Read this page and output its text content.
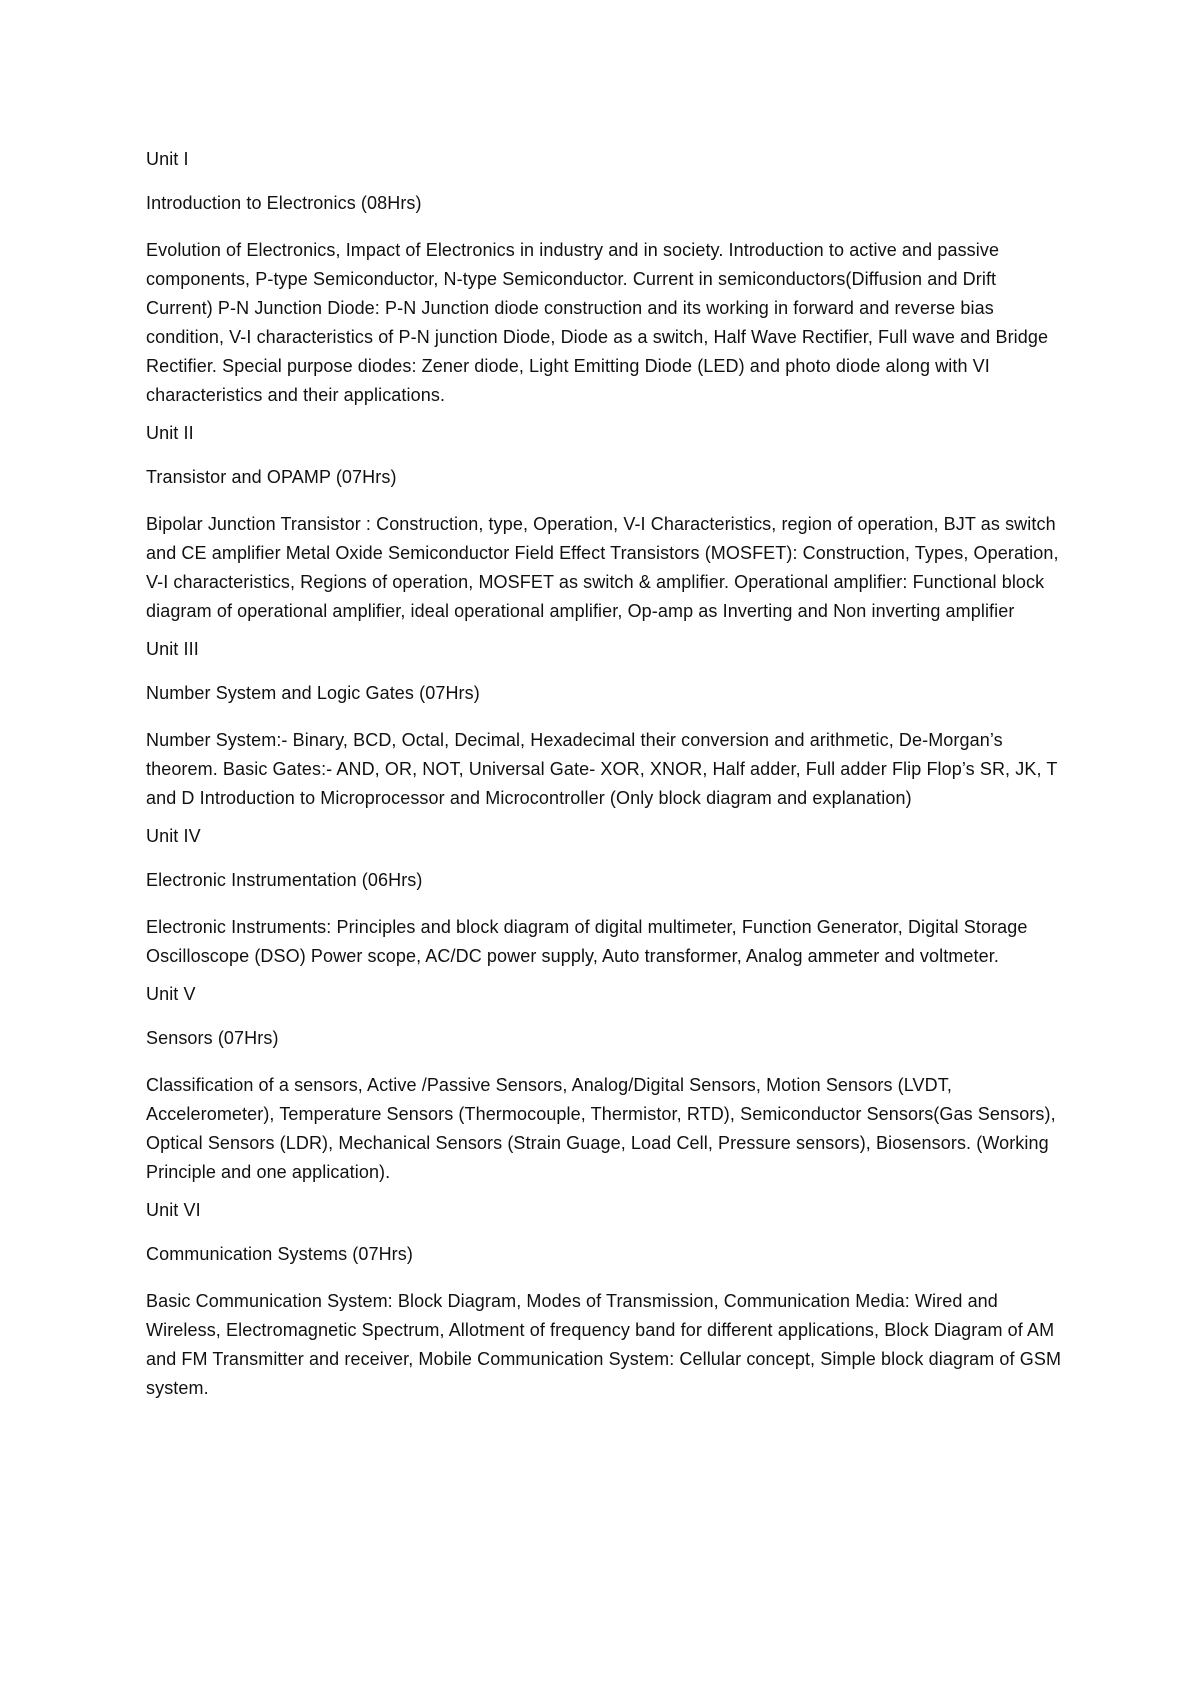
Unit I
Introduction to Electronics (08Hrs)
Evolution of Electronics, Impact of Electronics in industry and in society. Introduction to active and passive components, P-type Semiconductor, N-type Semiconductor. Current in semiconductors(Diffusion and Drift Current) P-N Junction Diode: P-N Junction diode construction and its working in forward and reverse bias condition, V-I characteristics of P-N junction Diode, Diode as a switch, Half Wave Rectifier, Full wave and Bridge Rectifier. Special purpose diodes: Zener diode, Light Emitting Diode (LED) and photo diode along with VI characteristics and their applications.
Unit II
Transistor and OPAMP (07Hrs)
Bipolar Junction Transistor : Construction, type, Operation, V-I Characteristics, region of operation, BJT as switch and CE amplifier Metal Oxide Semiconductor Field Effect Transistors (MOSFET): Construction, Types, Operation, V-I characteristics, Regions of operation, MOSFET as switch & amplifier. Operational amplifier: Functional block diagram of operational amplifier, ideal operational amplifier, Op-amp as Inverting and Non inverting amplifier
Unit III
Number System and Logic Gates (07Hrs)
Number System:- Binary, BCD, Octal, Decimal, Hexadecimal their conversion and arithmetic, De-Morgan’s theorem. Basic Gates:- AND, OR, NOT, Universal Gate- XOR, XNOR, Half adder, Full adder Flip Flop’s SR, JK, T and D Introduction to Microprocessor and Microcontroller (Only block diagram and explanation)
Unit IV
Electronic Instrumentation (06Hrs)
Electronic Instruments: Principles and block diagram of digital multimeter, Function Generator, Digital Storage Oscilloscope (DSO) Power scope, AC/DC power supply, Auto transformer, Analog ammeter and voltmeter.
Unit V
Sensors (07Hrs)
Classification of a sensors, Active /Passive Sensors, Analog/Digital Sensors, Motion Sensors (LVDT, Accelerometer), Temperature Sensors (Thermocouple, Thermistor, RTD), Semiconductor Sensors(Gas Sensors), Optical Sensors (LDR), Mechanical Sensors (Strain Guage, Load Cell, Pressure sensors), Biosensors. (Working Principle and one application).
Unit VI
Communication Systems (07Hrs)
Basic Communication System: Block Diagram, Modes of Transmission, Communication Media: Wired and Wireless, Electromagnetic Spectrum, Allotment of frequency band for different applications, Block Diagram of AM and FM Transmitter and receiver, Mobile Communication System: Cellular concept, Simple block diagram of GSM system.
